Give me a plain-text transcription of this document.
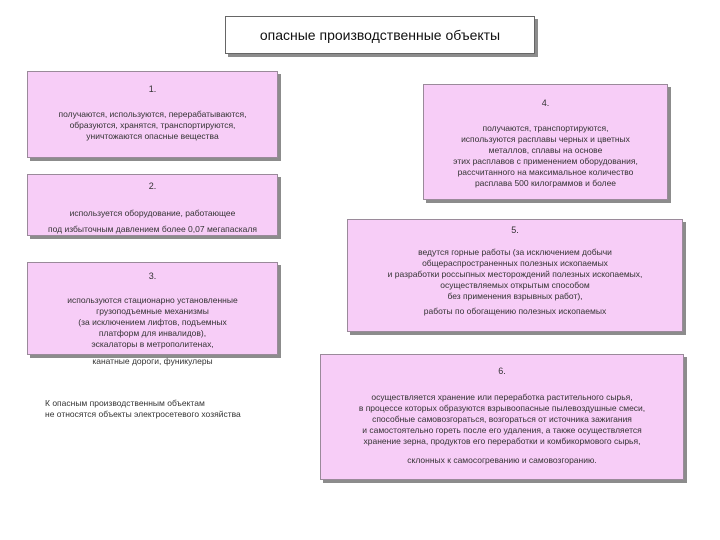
опасные производственные объекты
1.
получаются, используются, перерабатываются,
образуются, хранятся, транспортируются,
уничтожаются опасные вещества
2.
используется оборудование, работающее
под избыточным давлением более 0,07 мегапаскаля
3.
используются стационарно установленные
грузоподъемные механизмы
(за исключением лифтов, подъемных
платформ для инвалидов),
эскалаторы в метрополитенах,
канатные дороги, фуникулеры
4.
получаются, транспортируются,
используются расплавы черных и цветных
металлов, сплавы на основе
этих расплавов с применением оборудования,
рассчитанного на максимальное количество
расплава 500 килограммов и более
5.
ведутся горные работы (за исключением добычи
общераспространенных полезных ископаемых
и разработки россыпных месторождений полезных ископаемых,
осуществляемых открытым способом
без применения взрывных работ),
работы по обогащению полезных ископаемых
6.
осуществляется хранение или переработка растительного сырья,
в процессе которых образуются взрывоопасные пылевоздушные смеси,
способные самовозгораться, возгораться от источника зажигания
и самостоятельно гореть после его удаления, а также осуществляется
хранение зерна, продуктов его переработки и комбикормового сырья,
склонных к самосогреванию и самовозгоранию.
К опасным производственным объектам
не относятся объекты электросетевого хозяйства
